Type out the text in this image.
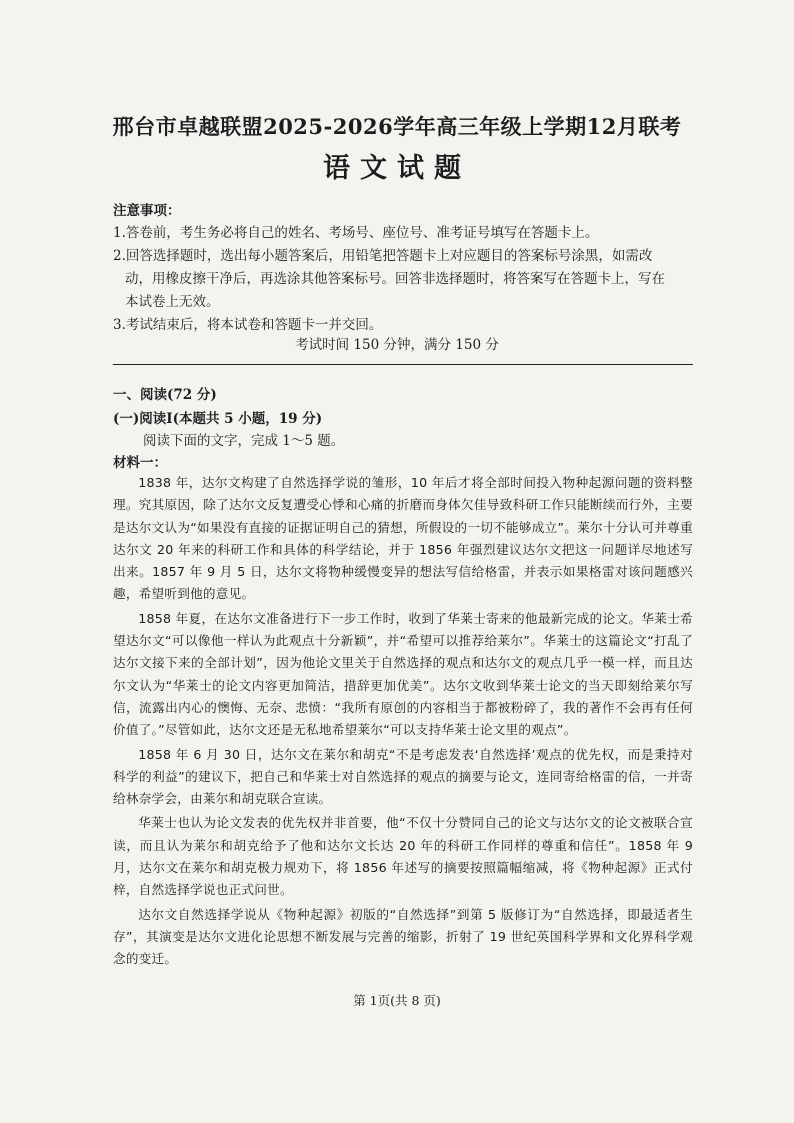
邢台市卓越联盟2025-2026学年高三年级上学期12月联考
语文试题
注意事项：

1.答卷前，考生务必将自己的姓名、考场号、座位号、准考证号填写在答题卡上。

2.回答选择题时，选出每小题答案后，用铅笔把答题卡上对应题目的答案标号涂黑，如需改

动，用橡皮擦干净后，再选涂其他答案标号。回答非选择题时，将答案写在答题卡上，写在

本试卷上无效。

3.考试结束后，将本试卷和答题卡一并交回。

考试时间 150 分钟，满分 150 分
一、阅读(72 分)
(一)阅读Ⅰ(本题共 5 小题，19 分)
阅读下面的文字，完成 1～5 题。
材料一：

1838 年，达尔文构建了自然选择学说的雏形，10 年后才将全部时间投入物种起源问题的资料整理。究其原因，除了达尔文反复遭受心悸和心痛的折磨而身体欠佳导致科研工作只能断续而行外，主要是达尔文认为“如果没有直接的证据证明自己的猜想，所假设的一切不能够成立”。莱尔十分认可并尊重达尔文 20 年来的科研工作和具体的科学结论，并于 1856 年强烈建议达尔文把这一问题详尽地述写出来。1857 年 9 月 5 日，达尔文将物种缓慢变异的想法写信给格雷，并表示如果格雷对该问题感兴趣，希望听到他的意见。

1858 年夏，在达尔文准备进行下一步工作时，收到了华莱士寄来的他最新完成的论文。华莱士希望达尔文“可以像他一样认为此观点十分新颖”，并“希望可以推荐给莱尔”。华莱士的这篇论文“打乱了达尔文接下来的全部计划”，因为他论文里关于自然选择的观点和达尔文的观点几乎一模一样，而且达尔文认为“华莱士的论文内容更加简洁，措辞更加优美”。达尔文收到华莱士论文的当天即刻给莱尔写信，流露出内心的懊悔、无奈、悲愤：“我所有原创的内容相当于都被粉碎了，我的著作不会再有任何价值了。”尽管如此，达尔文还是无私地希望莱尔“可以支持华莱士论文里的观点”。

1858 年 6 月 30 日，达尔文在莱尔和胡克“不是考虑发表‘自然选择’观点的优先权，而是秉持对科学的利益”的建议下，把自己和华莱士对自然选择的观点的摘要与论文，连同寄给格雷的信，一并寄给林奈学会，由莱尔和胡克联合宣读。

华莱士也认为论文发表的优先权并非首要，他“不仅十分赞同自己的论文与达尔文的论文被联合宣读，而且认为莱尔和胡克给予了他和达尔文长达 20 年的科研工作同样的尊重和信任”。1858 年 9 月，达尔文在莱尔和胡克极力规劝下，将 1856 年述写的摘要按照篇幅缩减，将《物种起源》正式付梓，自然选择学说也正式问世。

达尔文自然选择学说从《物种起源》初版的“自然选择”到第 5 版修订为“自然选择，即最适者生存”，其演变是达尔文进化论思想不断发展与完善的缩影，折射了 19 世纪英国科学界和文化界科学观念的变迁。

第 1页(共 8 页)
